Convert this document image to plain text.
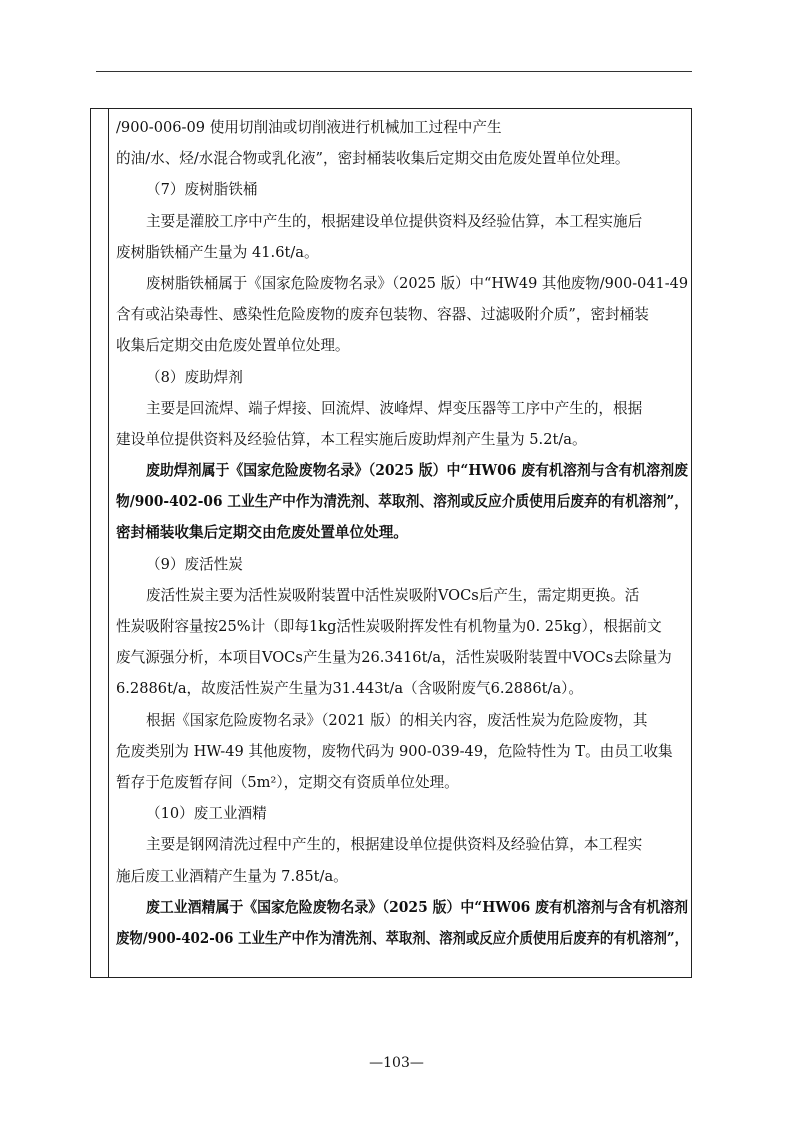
/900-006-09 使用切削油或切削液进行机械加工过程中产生
的油/水、烃/水混合物或乳化液”，密封桶装收集后定期交由危废处置单位处理。
（7）废树脂铁桶
主要是灌胶工序中产生的，根据建设单位提供资料及经验估算，本工程实施后
废树脂铁桶产生量为 41.6t/a。
废树脂铁桶属于《国家危险废物名录》（2025 版）中“HW49 其他废物/900-041-49
含有或沾染毒性、感染性危险废物的废弃包装物、容器、过滤吸附介质”，密封桶装
收集后定期交由危废处置单位处理。
（8）废助焊剂
主要是回流焊、端子焊接、回流焊、波峰焊、焊变压器等工序中产生的，根据
建设单位提供资料及经验估算，本工程实施后废助焊剂产生量为 5.2t/a。
废助焊剂属于《国家危险废物名录》（2025 版）中“HW06 废有机溶剂与含有机溶剂废
物/900-402-06 工业生产中作为清洗剂、萃取剂、溶剂或反应介质使用后废弃的有机溶剂”，
密封桶装收集后定期交由危废处置单位处理。
（9）废活性炭
废活性炭主要为活性炭吸附装置中活性炭吸附VOCs后产生，需定期更换。活
性炭吸附容量按25%计（即每1kg活性炭吸附挥发性有机物量为0. 25kg），根据前文
废气源强分析，本项目VOCs产生量为26.3416t/a，活性炭吸附装置中VOCs去除量为
6.2886t/a，故废活性炭产生量为31.443t/a（含吸附废气6.2886t/a）。
根据《国家危险废物名录》（2021 版）的相关内容，废活性炭为危险废物，其
危废类别为 HW-49 其他废物，废物代码为 900-039-49，危险特性为 T。由员工收集
暂存于危废暂存间（5m²），定期交有资质单位处理。
（10）废工业酒精
主要是钢网清洗过程中产生的，根据建设单位提供资料及经验估算，本工程实
施后废工业酒精产生量为 7.85t/a。
废工业酒精属于《国家危险废物名录》（2025 版）中“HW06 废有机溶剂与含有机溶剂
废物/900-402-06 工业生产中作为清洗剂、萃取剂、溶剂或反应介质使用后废弃的有机溶剂”，
—103—
